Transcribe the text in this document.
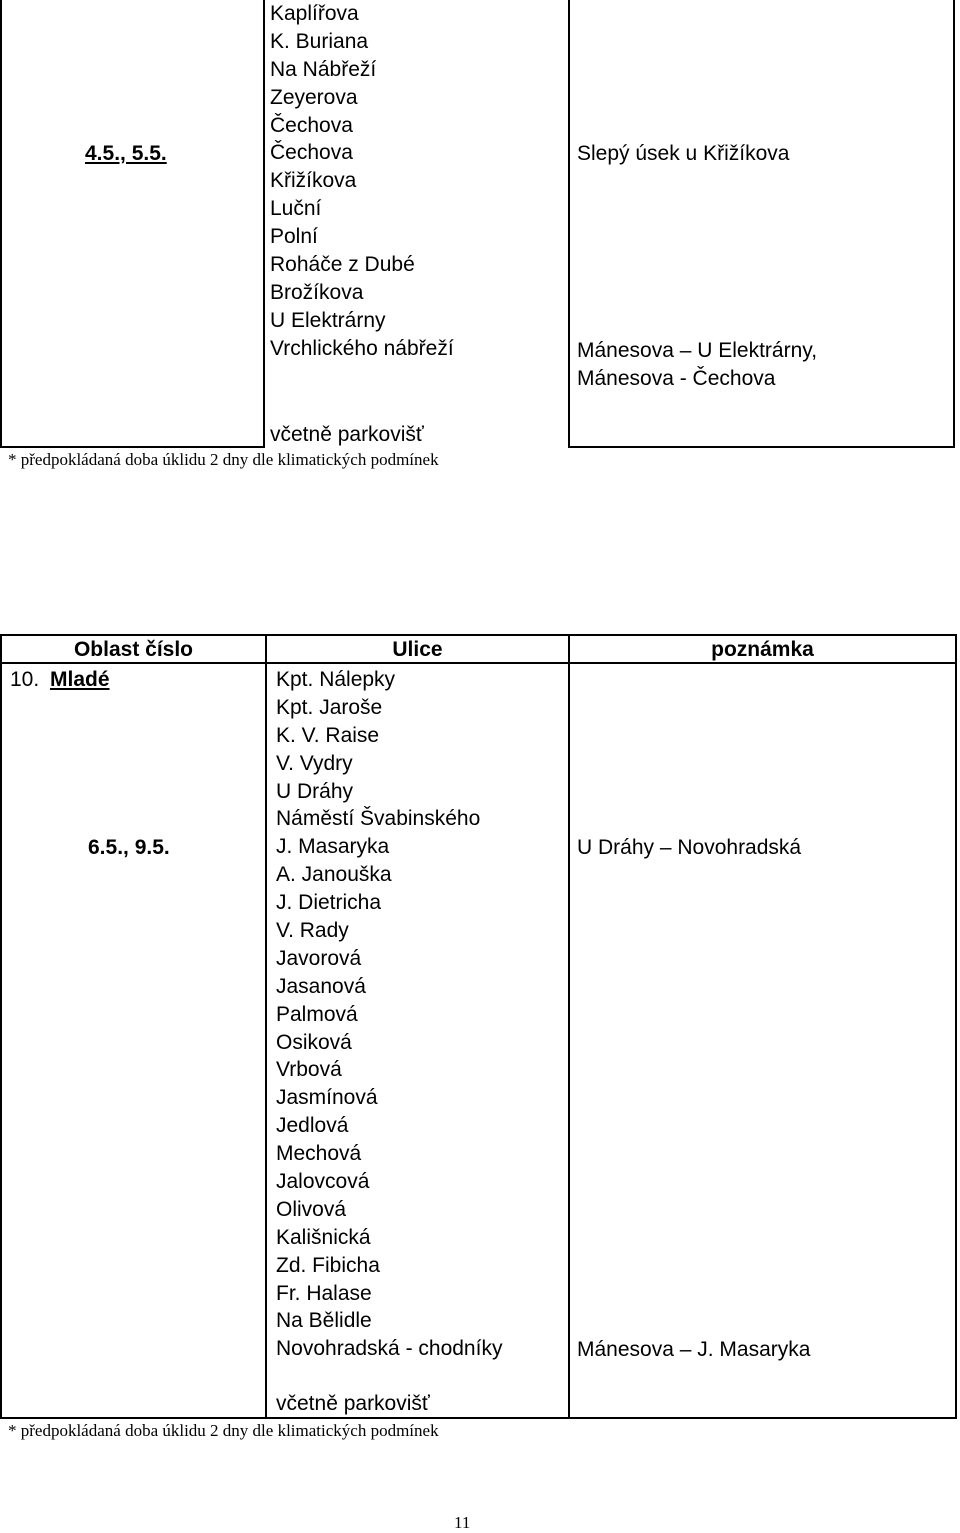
4.5., 5.5.
Kaplířova
K. Buriana
Na Nábřeží
Zeyerova
Čechova
Čechova
Křižíkova
Luční
Polní
Roháče z Dubé
Brožíkova
U Elektrárny
Vrchlického nábřeží
včetně parkovišť
Slepý úsek u Křižíkova
Mánesova – U Elektrárny,
Mánesova - Čechova
* předpokládaná doba úklidu 2 dny dle klimatických podmínek
Oblast číslo	Ulice	poznámka
10. Mladé
6.5., 9.5.
Kpt. Nálepky
Kpt. Jaroše
K. V. Raise
V. Vydry
U Dráhy
Náměstí Švabinského
J. Masaryka
A. Janouška
J. Dietricha
V. Rady
Javorová
Jasanová
Palmová
Osiková
Vrbová
Jasmínová
Jedlová
Mechová
Jalovcová
Olivová
Kališnická
Zd. Fibicha
Fr. Halase
Na Bělidle
Novohradská - chodníky
včetně parkovišť
U Dráhy – Novohradská
Mánesova – J. Masaryka
* předpokládaná doba úklidu 2 dny dle klimatických podmínek
11
